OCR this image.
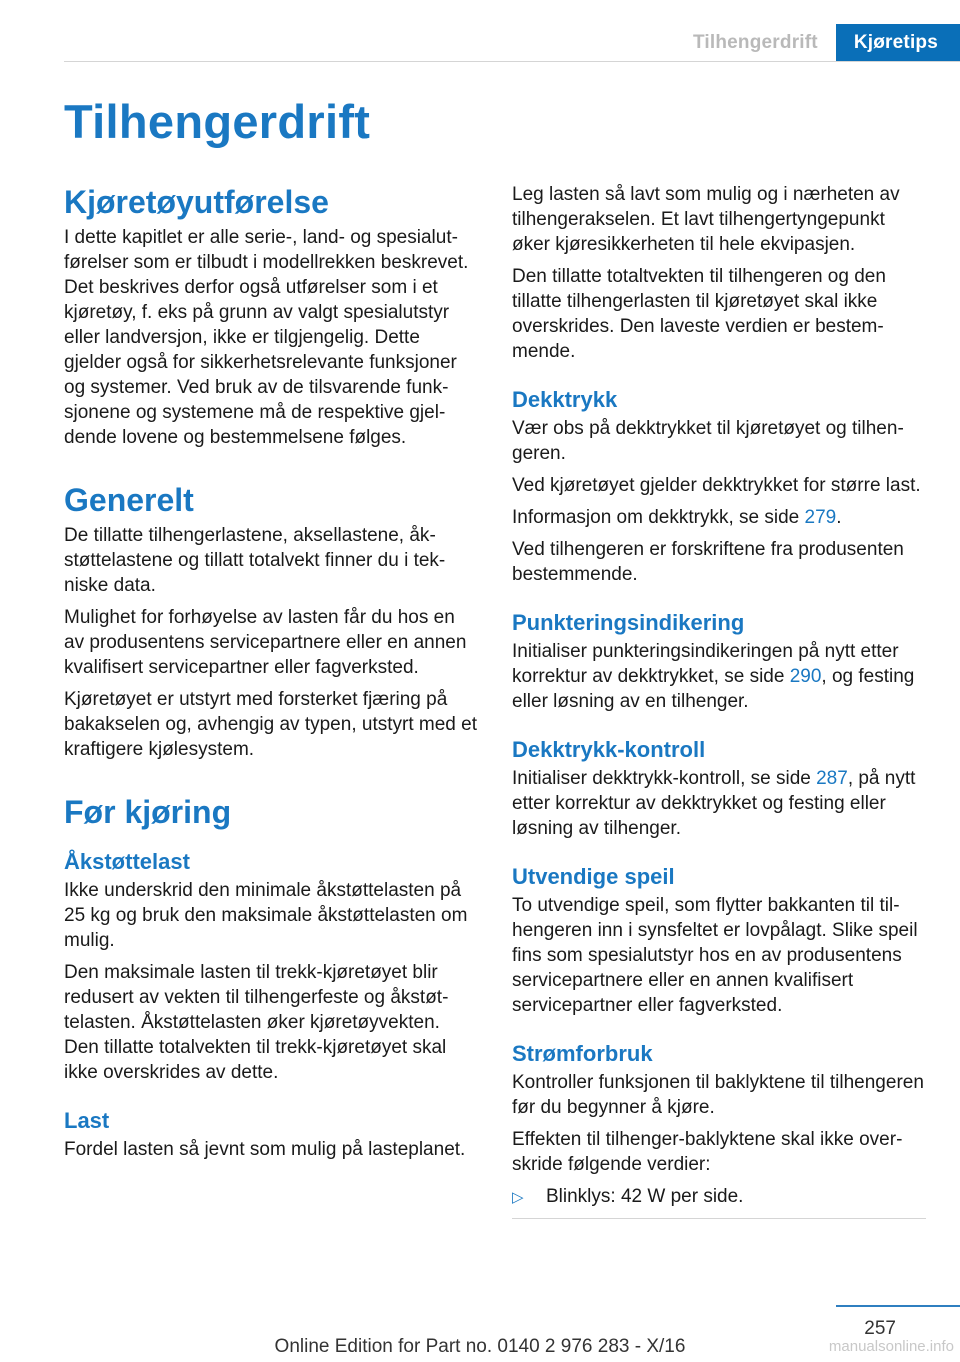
Tilhengerdrift	Kjøretips
Tilhengerdrift
Kjøretøyutførelse

I dette kapitlet er alle serie-, land- og spesialutførelser som er tilbudt i modellrekken beskrevet. Det beskrives derfor også utførelser som i et kjøretøy, f. eks på grunn av valgt spesialutstyr eller landversjon, ikke er tilgjengelig. Dette gjelder også for sikkerhetsrelevante funksjoner og systemer. Ved bruk av de tilsvarende funksjonene og systemene må de respektive gjeldende lovene og bestemmelsene følges.

Generelt

De tillatte tilhengerlastene, aksellastene, åkstøttelastene og tillatt totalvekt finner du i tekniske data.

Mulighet for forhøyelse av lasten får du hos en av produsentens servicepartnere eller en annen kvalifisert servicepartner eller fagverksted.

Kjøretøyet er utstyrt med forsterket fjæring på bakakselen og, avhengig av typen, utstyrt med et kraftigere kjølesystem.

Før kjøring
Åkstøttelast

Ikke underskrid den minimale åkstøttelasten på 25 kg og bruk den maksimale åkstøttelasten om mulig.

Den maksimale lasten til trekk-kjøretøyet blir redusert av vekten til tilhengerfeste og åkstøttelasten. Åkstøttelasten øker kjøretøyvekten. Den tillatte totalvekten til trekk-kjøretøyet skal ikke overskrides av dette.

Last

Fordel lasten så jevnt som mulig på lasteplanet.

Leg lasten så lavt som mulig og i nærheten av tilhengerakselen. Et lavt tilhengertyngepunkt øker kjøresikkerheten til hele ekvipasjen.

Den tillatte totaltvekten til tilhengeren og den tillatte tilhengerlasten til kjøretøyet skal ikke overskrides. Den laveste verdien er bestemmende.

Dekktrykk

Vær obs på dekktrykket til kjøretøyet og tilhengeren.

Ved kjøretøyet gjelder dekktrykket for større last.

Informasjon om dekktrykk, se side 279.

Ved tilhengeren er forskriftene fra produsenten bestemmende.

Punkteringsindikering

Initialiser punkteringsindikeringen på nytt etter korrektur av dekktrykket, se side 290, og festing eller løsning av en tilhenger.

Dekktrykk-kontroll

Initialiser dekktrykk-kontroll, se side 287, på nytt etter korrektur av dekktrykket og festing eller løsning av tilhenger.

Utvendige speil

To utvendige speil, som flytter bakkanten til tilhengeren inn i synsfeltet er lovpålagt. Slike speil fins som spesialutstyr hos en av produsentens servicepartnere eller en annen kvalifisert servicepartner eller fagverksted.

Strømforbruk

Kontroller funksjonen til baklyktene til tilhengeren før du begynner å kjøre.

Effekten til tilhenger-baklyktene skal ikke overskride følgende verdier:

▷	Blinklys: 42 W per side.
257
Online Edition for Part no. 0140 2 976 283 - X/16	manualsonline.info
